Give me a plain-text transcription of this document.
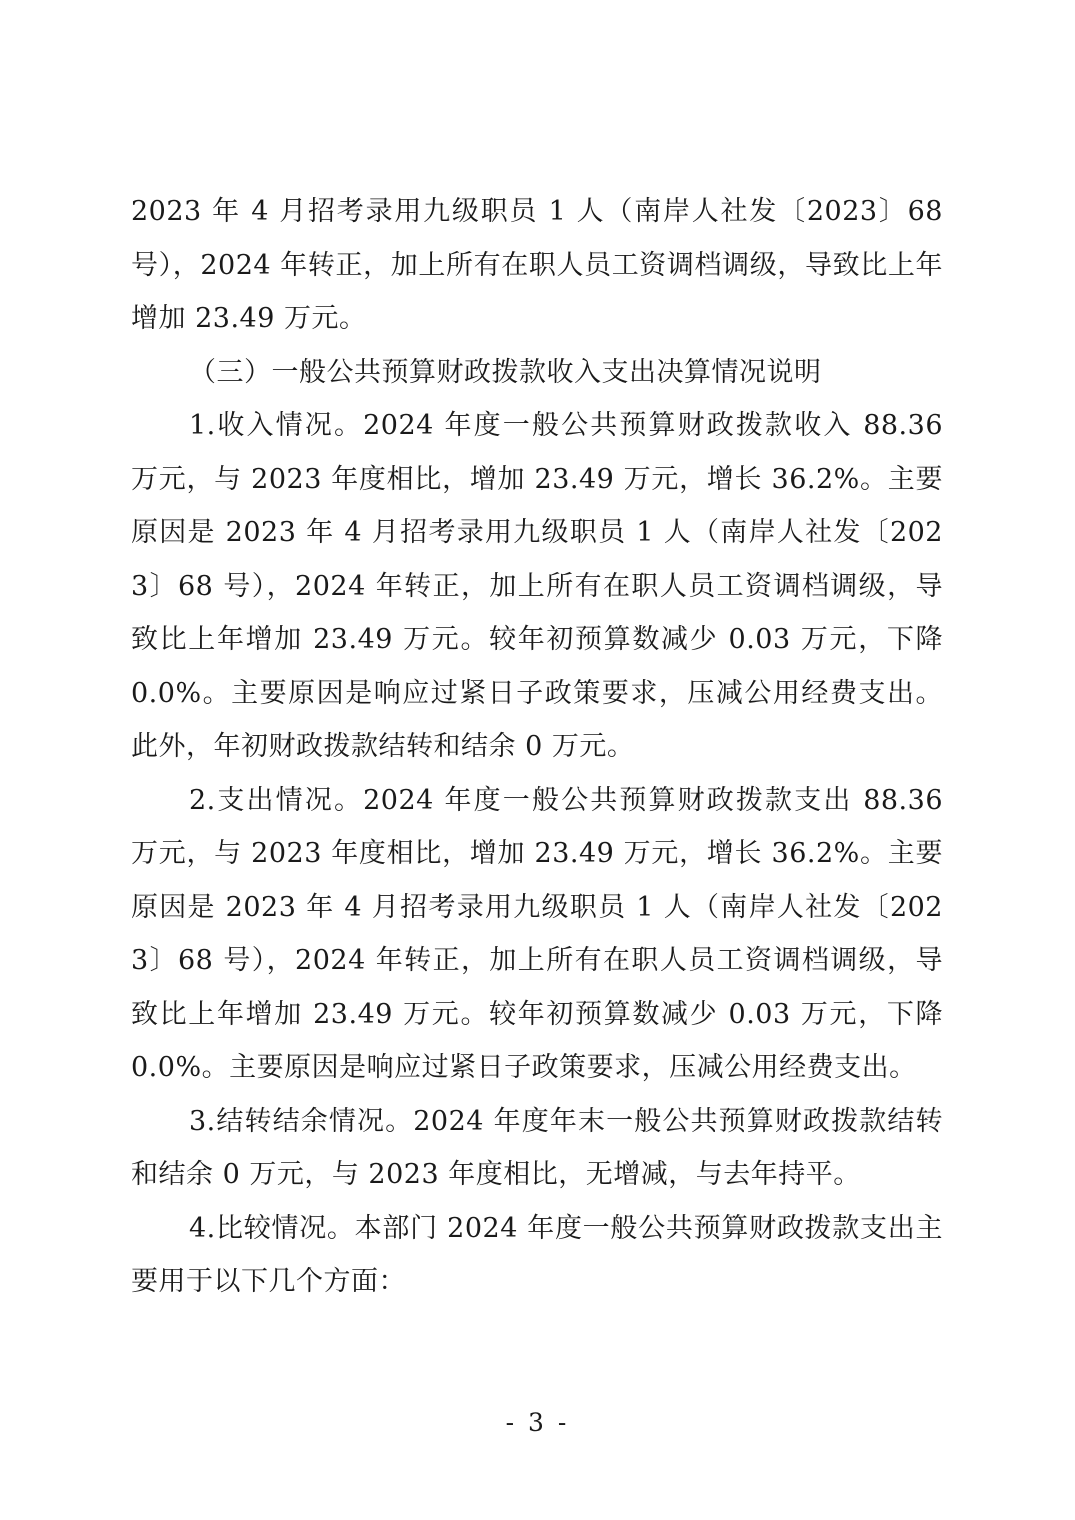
2023 年 4 月招考录用九级职员 1 人（南岸人社发〔2023〕68 号），2024 年转正，加上所有在职人员工资调档调级，导致比上年增加 23.49 万元。

（三）一般公共预算财政拨款收入支出决算情况说明

1.收入情况。2024 年度一般公共预算财政拨款收入 88.36 万元，与 2023 年度相比，增加 23.49 万元，增长 36.2%。主要原因是 2023 年 4 月招考录用九级职员 1 人（南岸人社发〔2023〕68 号），2024 年转正，加上所有在职人员工资调档调级，导致比上年增加 23.49 万元。较年初预算数减少 0.03 万元，下降 0.0%。主要原因是响应过紧日子政策要求，压减公用经费支出。此外，年初财政拨款结转和结余 0 万元。

2.支出情况。2024 年度一般公共预算财政拨款支出 88.36 万元，与 2023 年度相比，增加 23.49 万元，增长 36.2%。主要原因是 2023 年 4 月招考录用九级职员 1 人（南岸人社发〔2023〕68 号），2024 年转正，加上所有在职人员工资调档调级，导致比上年增加 23.49 万元。较年初预算数减少 0.03 万元，下降 0.0%。主要原因是响应过紧日子政策要求，压减公用经费支出。

3.结转结余情况。2024 年度年末一般公共预算财政拨款结转和结余 0 万元，与 2023 年度相比，无增减，与去年持平。

4.比较情况。本部门 2024 年度一般公共预算财政拨款支出主要用于以下几个方面：

- 3 -
